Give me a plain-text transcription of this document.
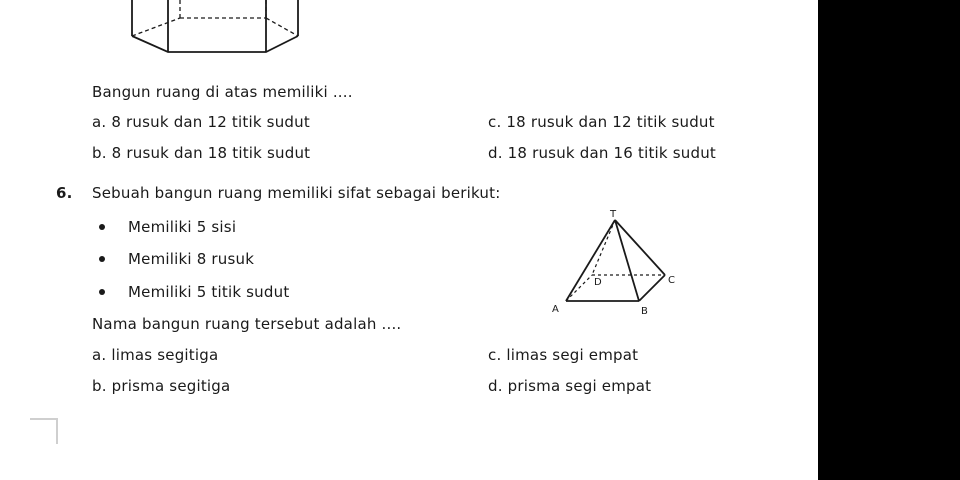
Bangun ruang di atas memiliki ....
a. 8 rusuk dan 12 titik sudut	c. 18 rusuk dan 12 titik sudut
b. 8 rusuk dan 18 titik sudut	d. 18 rusuk dan 16 titik sudut
6. Sebuah bangun ruang memiliki sifat sebagai berikut:
Memiliki 5 sisi
Memiliki 8 rusuk
Memiliki 5 titik sudut
Nama bangun ruang tersebut adalah ....
a. limas segitiga	c. limas segi empat
b. prisma segitiga	d. prisma segi empat
T
A	B
C
D
